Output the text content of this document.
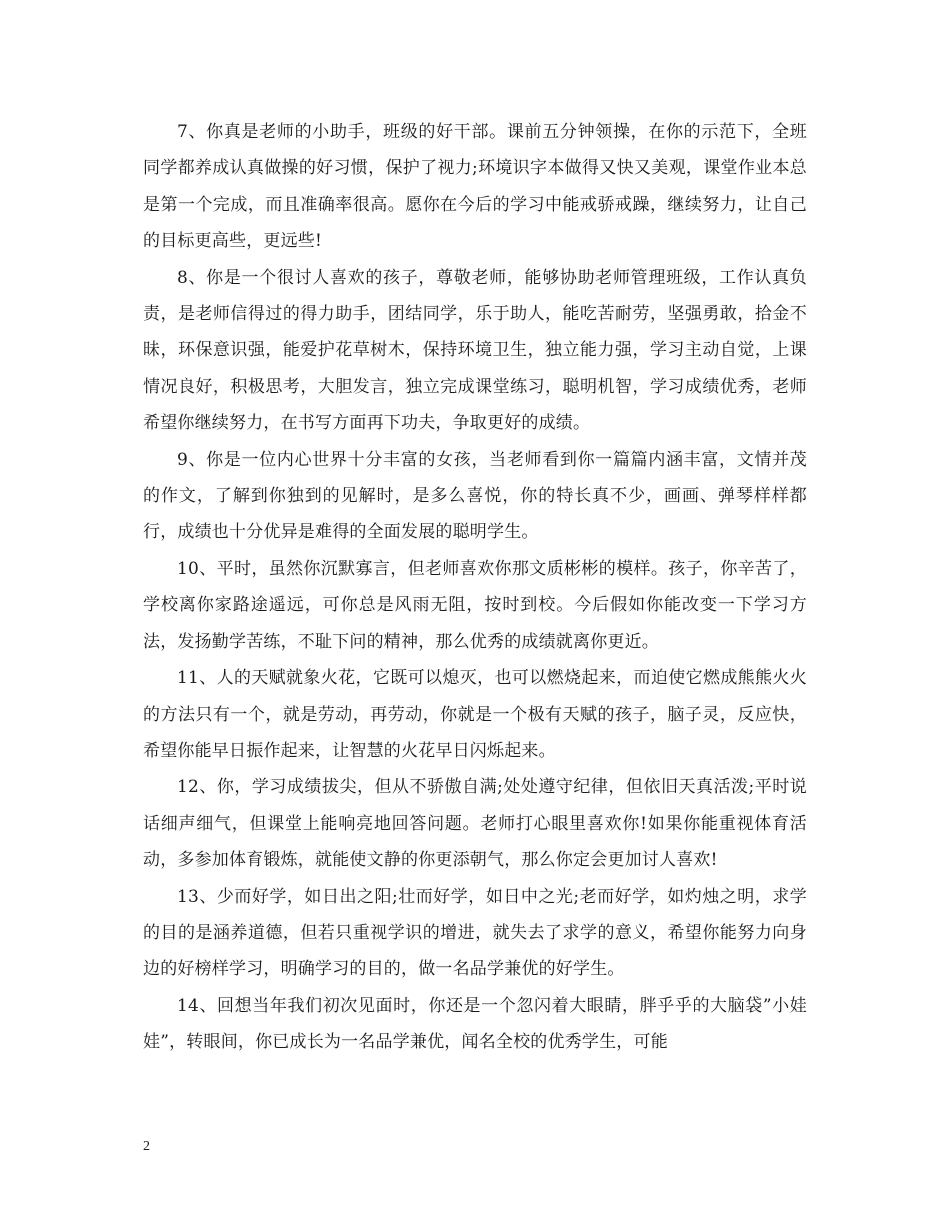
7、你真是老师的小助手，班级的好干部。课前五分钟领操，在你的示范下，全班同学都养成认真做操的好习惯，保护了视力;环境识字本做得又快又美观，课堂作业本总是第一个完成，而且准确率很高。愿你在今后的学习中能戒骄戒躁，继续努力，让自己的目标更高些，更远些!

8、你是一个很讨人喜欢的孩子，尊敬老师，能够协助老师管理班级，工作认真负责，是老师信得过的得力助手，团结同学，乐于助人，能吃苦耐劳，坚强勇敢，拾金不昧，环保意识强，能爱护花草树木，保持环境卫生，独立能力强，学习主动自觉，上课情况良好，积极思考，大胆发言，独立完成课堂练习，聪明机智，学习成绩优秀，老师希望你继续努力，在书写方面再下功夫，争取更好的成绩。

9、你是一位内心世界十分丰富的女孩，当老师看到你一篇篇内涵丰富，文情并茂的作文，了解到你独到的见解时，是多么喜悦，你的特长真不少，画画、弹琴样样都行，成绩也十分优异是难得的全面发展的聪明学生。

10、平时，虽然你沉默寡言，但老师喜欢你那文质彬彬的模样。孩子，你辛苦了，学校离你家路途遥远，可你总是风雨无阻，按时到校。今后假如你能改变一下学习方法，发扬勤学苦练，不耻下问的精神，那么优秀的成绩就离你更近。

11、人的天赋就象火花，它既可以熄灭，也可以燃烧起来，而迫使它燃成熊熊火火的方法只有一个，就是劳动，再劳动，你就是一个极有天赋的孩子，脑子灵，反应快，希望你能早日振作起来，让智慧的火花早日闪烁起来。

12、你，学习成绩拔尖，但从不骄傲自满;处处遵守纪律，但依旧天真活泼;平时说话细声细气，但课堂上能响亮地回答问题。老师打心眼里喜欢你!如果你能重视体育活动，多参加体育锻炼，就能使文静的你更添朝气，那么你定会更加讨人喜欢!

13、少而好学，如日出之阳;壮而好学，如日中之光;老而好学，如灼烛之明，求学的目的是涵养道德，但若只重视学识的增进，就失去了求学的意义，希望你能努力向身边的好榜样学习，明确学习的目的，做一名品学兼优的好学生。

14、回想当年我们初次见面时，你还是一个忽闪着大眼睛，胖乎乎的大脑袋”小娃娃”，转眼间，你已成长为一名品学兼优，闻名全校的优秀学生，可能

2
